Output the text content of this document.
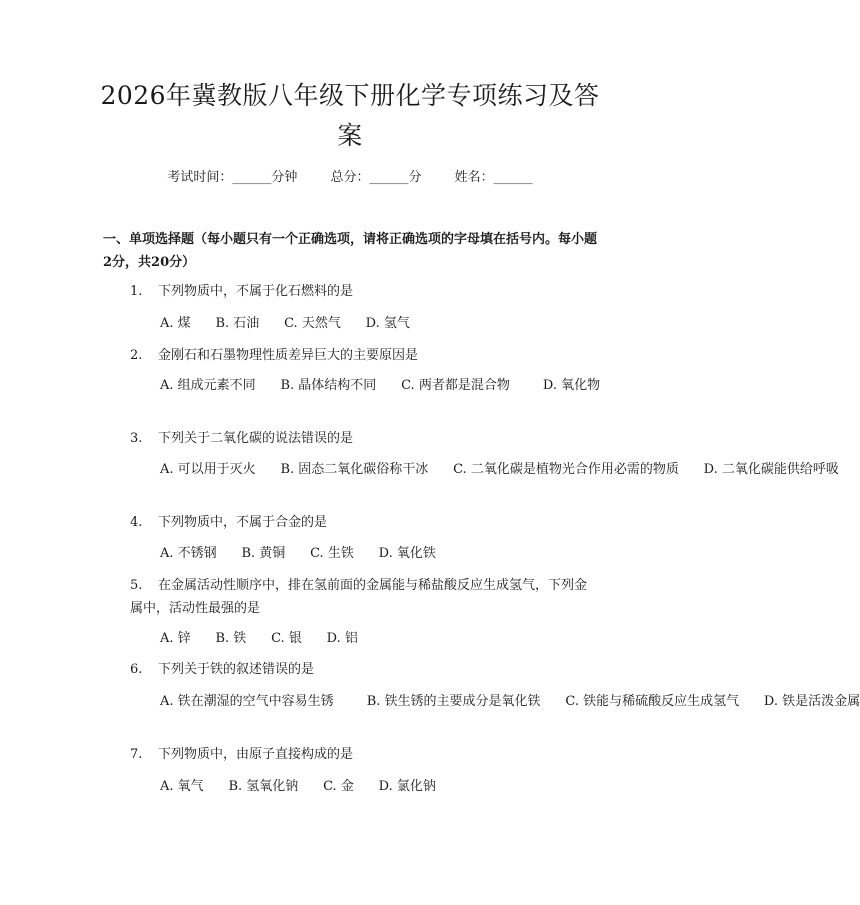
2026年冀教版八年级下册化学专项练习及答案
考试时间：______分钟	总分：______分	姓名：______
一、单项选择题（每小题只有一个正确选项，请将正确选项的字母填在括号内。每小题2分，共20分）
1. 下列物质中，不属于化石燃料的是
A. 煤 B. 石油 C. 天然气 D. 氢气
2. 金刚石和石墨物理性质差异巨大的主要原因是
A. 组成元素不同 B. 晶体结构不同 C. 两者都是混合物	D. 氧化物
3. 下列关于二氧化碳的说法错误的是
A. 可以用于灭火 B. 固态二氧化碳俗称干冰 C. 二氧化碳是植物光合作用必需的物质 D. 二氧化碳能供给呼吸
4. 下列物质中，不属于合金的是
A. 不锈钢 B. 黄铜 C. 生铁 D. 氧化铁
5. 在金属活动性顺序中，排在氢前面的金属能与稀盐酸反应生成氢气，下列金属中，活动性最强的是
A. 锌 B. 铁 C. 银 D. 铝
6. 下列关于铁的叙述错误的是
A. 铁在潮湿的空气中容易生锈	B. 铁生锈的主要成分是氧化铁 C. 铁能与稀硫酸反应生成氢气 D. 铁是活泼金属
7. 下列物质中，由原子直接构成的是
A. 氧气 B. 氢氧化钠 C. 金 D. 氯化钠
